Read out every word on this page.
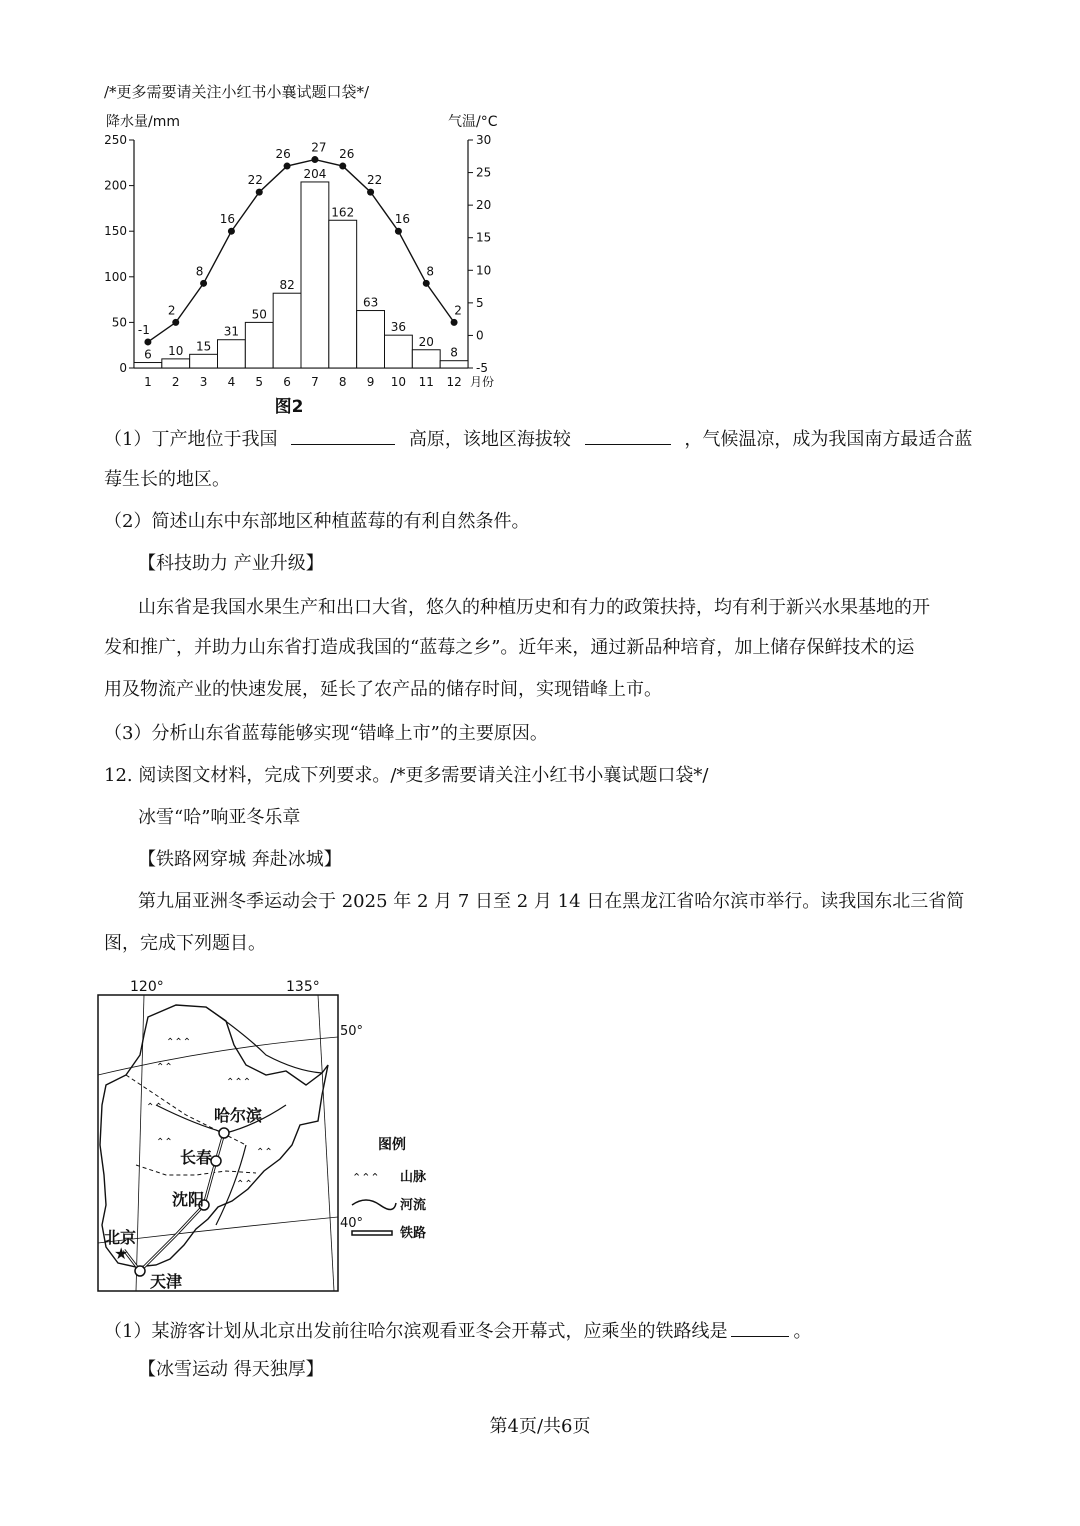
/*更多需要请关注小红书小襄试题口袋*/
降水量/mm	气温/°C
0
50
100
150
200
250
-5
0
5
10
15
20
25
30
6 10 15
31
50
82
204
162
63
36
20
8
1 2 3 4 5 6 7 8 9 10 11 12 月份
-1
2
8
16
22
26 27 26
22
16
8
2
图2
（1）丁产地位于我国	高原，该地区海拔较	，气候温凉，成为我国南方最适合蓝
莓生长的地区。
（2）简述山东中东部地区种植蓝莓的有利自然条件。
【科技助力 产业升级】
山东省是我国水果生产和出口大省，悠久的种植历史和有力的政策扶持，均有利于新兴水果基地的开
发和推广，并助力山东省打造成我国的“蓝莓之乡”。近年来，通过新品种培育，加上储存保鲜技术的运
用及物流产业的快速发展，延长了农产品的储存时间，实现错峰上市。
（3）分析山东省蓝莓能够实现“错峰上市”的主要原因。
12. 阅读图文材料，完成下列要求。/*更多需要请关注小红书小襄试题口袋*/
冰雪“哈”响亚冬乐章
【铁路网穿城 奔赴冰城】
第九届亚洲冬季运动会于 2025 年 2 月 7 日至 2 月 14 日在黑龙江省哈尔滨市举行。读我国东北三省简
图，完成下列题目。
⌃⌃⌃
⌃⌃
⌃⌃
⌃⌃
⌃⌃⌃
⌃⌃
⌃⌃
★
哈尔滨
长春
沈阳
北京
天津
120°	135°
50°
40°
图例
⌃⌃⌃ 山脉
河流
铁路
（1）某游客计划从北京出发前往哈尔滨观看亚冬会开幕式，应乘坐的铁路线是	。
【冰雪运动 得天独厚】
第4页/共6页
